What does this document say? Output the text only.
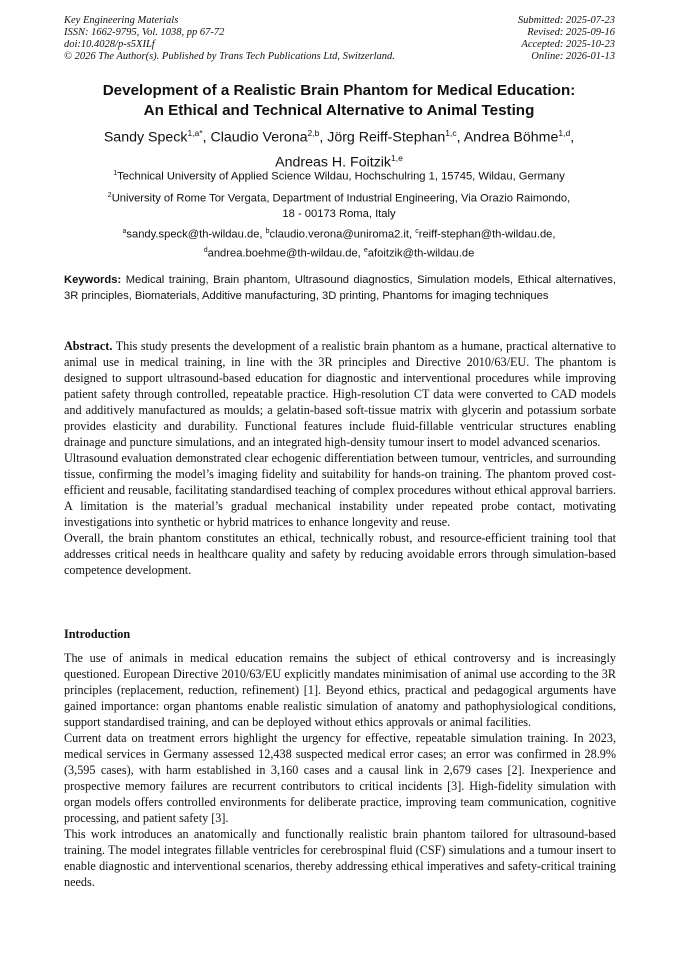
Key Engineering Materials
ISSN: 1662-9795, Vol. 1038, pp 67-72
doi:10.4028/p-s5XILf
© 2026 The Author(s). Published by Trans Tech Publications Ltd, Switzerland.
Submitted: 2025-07-23
Revised: 2025-09-16
Accepted: 2025-10-23
Online: 2026-01-13
Development of a Realistic Brain Phantom for Medical Education:
An Ethical and Technical Alternative to Animal Testing
Sandy Speck$^{1,a*}$, Claudio Verona$^{2,b}$, Jörg Reiff-Stephan$^{1,c}$, Andrea Böhme$^{1,d}$,
Andreas H. Foitzik$^{1,e}$
$^1$Technical University of Applied Science Wildau, Hochschulring 1, 15745, Wildau, Germany
$^2$University of Rome Tor Vergata, Department of Industrial Engineering, Via Orazio Raimondo,
18 - 00173 Roma, Italy
$^a$sandy.speck@th-wildau.de, $^b$claudio.verona@uniroma2.it, $^c$reiff-stephan@th-wildau.de,
$^d$andrea.boehme@th-wildau.de, $^e$afoitzik@th-wildau.de
Keywords: Medical training, Brain phantom, Ultrasound diagnostics, Simulation models, Ethical alternatives, 3R principles, Biomaterials, Additive manufacturing, 3D printing, Phantoms for imaging techniques

Abstract. This study presents the development of a realistic brain phantom as a humane, practical alternative to animal use in medical training, in line with the 3R principles and Directive 2010/63/EU. The phantom is designed to support ultrasound-based education for diagnostic and interventional procedures while improving patient safety through controlled, repeatable practice. High-resolution CT data were converted to CAD models and additively manufactured as moulds; a gelatin-based soft-tissue matrix with glycerin and potassium sorbate provides elasticity and durability. Functional features include fluid-fillable ventricular structures enabling drainage and puncture simulations, and an integrated high-density tumour insert to model advanced scenarios.

Ultrasound evaluation demonstrated clear echogenic differentiation between tumour, ventricles, and surrounding tissue, confirming the model’s imaging fidelity and suitability for hands-on training. The phantom proved cost-efficient and reusable, facilitating standardised teaching of complex procedures without ethical approval barriers. A limitation is the material’s gradual mechanical instability under repeated probe contact, motivating investigations into synthetic or hybrid matrices to enhance longevity and reuse.

Overall, the brain phantom constitutes an ethical, technically robust, and resource-efficient training tool that addresses critical needs in healthcare quality and safety by reducing avoidable errors through simulation-based competence development.

Introduction

The use of animals in medical education remains the subject of ethical controversy and is increasingly questioned. European Directive 2010/63/EU explicitly mandates minimisation of animal use according to the 3R principles (replacement, reduction, refinement) [1]. Beyond ethics, practical and pedagogical arguments have gained importance: organ phantoms enable realistic simulation of anatomy and pathophysiological conditions, support standardised training, and can be deployed without ethics approvals or animal facilities.

Current data on treatment errors highlight the urgency for effective, repeatable simulation training. In 2023, medical services in Germany assessed 12,438 suspected medical error cases; an error was confirmed in 28.9% (3,595 cases), with harm established in 3,160 cases and a causal link in 2,679 cases [2]. Inexperience and prospective memory failures are recurrent contributors to critical incidents [3]. High-fidelity simulation with organ models offers controlled environments for deliberate practice, improving team communication, cognitive processing, and patient safety [3].

This work introduces an anatomically and functionally realistic brain phantom tailored for ultrasound-based training. The model integrates fillable ventricles for cerebrospinal fluid (CSF) simulations and a tumour insert to enable diagnostic and interventional scenarios, thereby addressing ethical imperatives and safety-critical training needs.
